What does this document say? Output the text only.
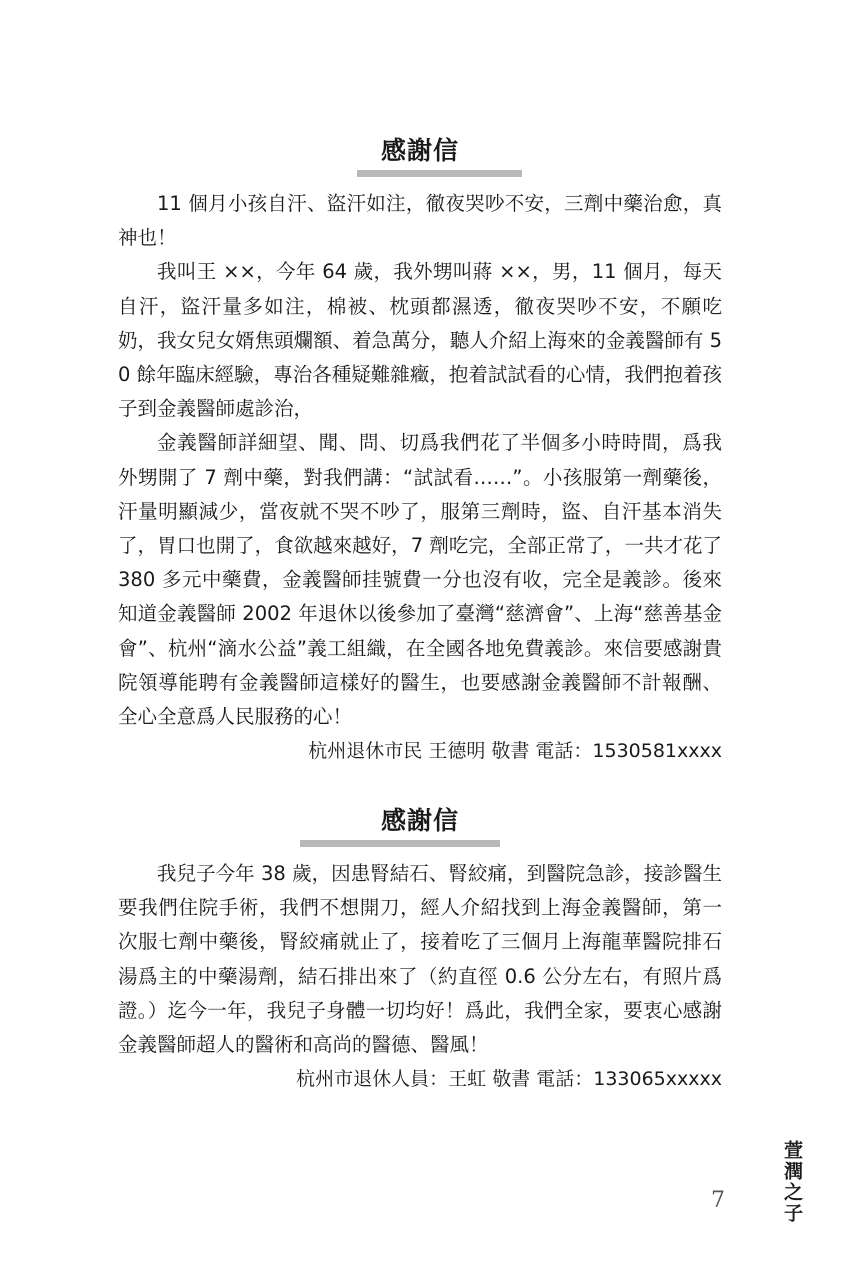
感謝信

11 個月小孩自汗、盜汗如注，徹夜哭吵不安，三劑中藥治愈，真神也！

我叫王 ××，今年 64 歲，我外甥叫蔣 ××，男，11 個月，每天自汗，盜汗量多如注，棉被、枕頭都濕透，徹夜哭吵不安，不願吃奶，我女兒女婿焦頭爛額、着急萬分，聽人介紹上海來的金義醫師有 50 餘年臨床經驗，專治各種疑難雜癥，抱着試試看的心情，我們抱着孩子到金義醫師處診治，

金義醫師詳細望、聞、問、切爲我們花了半個多小時時間，爲我外甥開了 7 劑中藥，對我們講：“試試看……”。小孩服第一劑藥後，汗量明顯減少，當夜就不哭不吵了，服第三劑時，盜、自汗基本消失了，胃口也開了，食欲越來越好，7 劑吃完，全部正常了，一共才花了 380 多元中藥費，金義醫師挂號費一分也沒有收，完全是義診。後來知道金義醫師 2002 年退休以後參加了臺灣“慈濟會”、上海“慈善基金會”、杭州“滴水公益”義工組織，在全國各地免費義診。來信要感謝貴院領導能聘有金義醫師這樣好的醫生，也要感謝金義醫師不計報酬、全心全意爲人民服務的心！

杭州退休市民 王德明 敬書 電話：1530581xxxx

感謝信

我兒子今年 38 歲，因患腎結石、腎絞痛，到醫院急診，接診醫生要我們住院手術，我們不想開刀，經人介紹找到上海金義醫師，第一次服七劑中藥後，腎絞痛就止了，接着吃了三個月上海龍華醫院排石湯爲主的中藥湯劑，結石排出來了（約直徑 0.6 公分左右，有照片爲證。）迄今一年，我兒子身體一切均好！爲此，我們全家，要衷心感謝金義醫師超人的醫術和高尚的醫德、醫風！

杭州市退休人員：王虹 敬書 電話：133065xxxxx

7	萱潤之子
